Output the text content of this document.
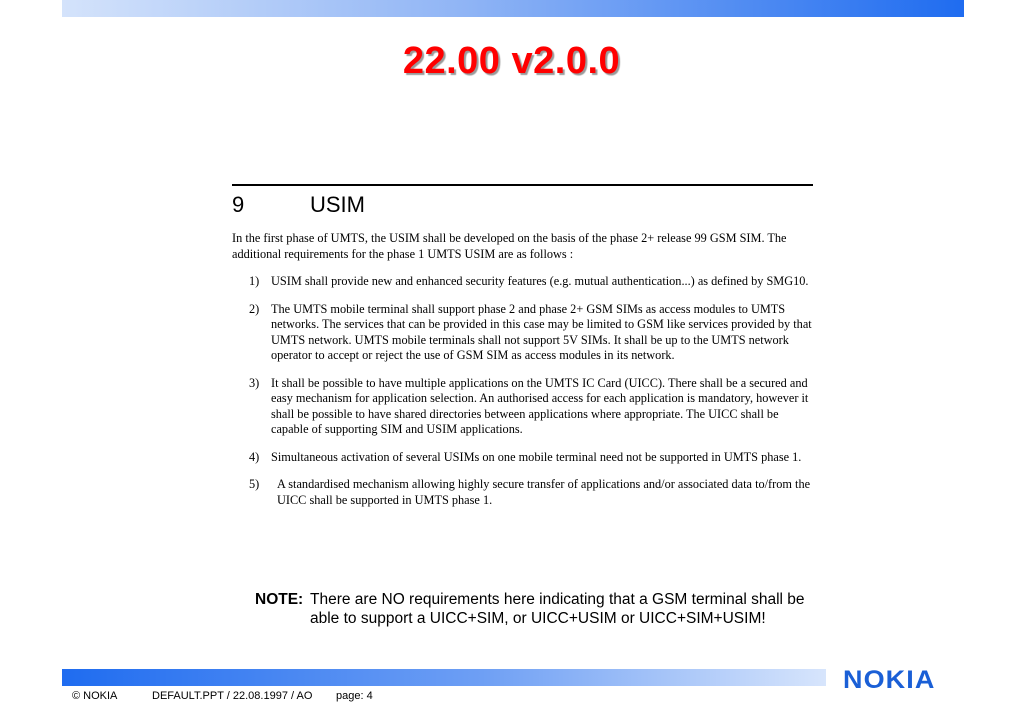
22.00 v2.0.0
9	USIM
In the first phase of UMTS, the USIM shall be developed on the basis of the phase 2+ release 99 GSM SIM. The additional requirements for the phase 1 UMTS USIM are as follows :
1) USIM shall provide new and enhanced security features (e.g. mutual authentication...) as defined by SMG10.
2) The UMTS mobile terminal shall support phase 2 and phase 2+ GSM SIMs as access modules to UMTS networks. The services that can be provided in this case may be limited to GSM like services provided by that UMTS network. UMTS mobile terminals shall not support 5V SIMs. It shall be up to the UMTS network operator to accept or reject the use of GSM SIM as access modules in its network.
3) It shall be possible to have multiple applications on the UMTS IC Card (UICC). There shall be a secured and easy mechanism for application selection. An authorised access for each application is mandatory, however it shall be possible to have shared directories between applications where appropriate. The UICC shall be capable of supporting SIM and USIM applications.
4) Simultaneous activation of several USIMs on one mobile terminal need not be supported in UMTS phase 1.
5) A standardised mechanism allowing highly secure transfer of applications and/or associated data to/from the UICC shall be supported in UMTS phase 1.
NOTE: There are NO requirements here indicating that a GSM terminal shall be able to support a UICC+SIM, or UICC+USIM or UICC+SIM+USIM!
NOKIA
© NOKIA	DEFAULT.PPT / 22.08.1997 / AO page: 4
